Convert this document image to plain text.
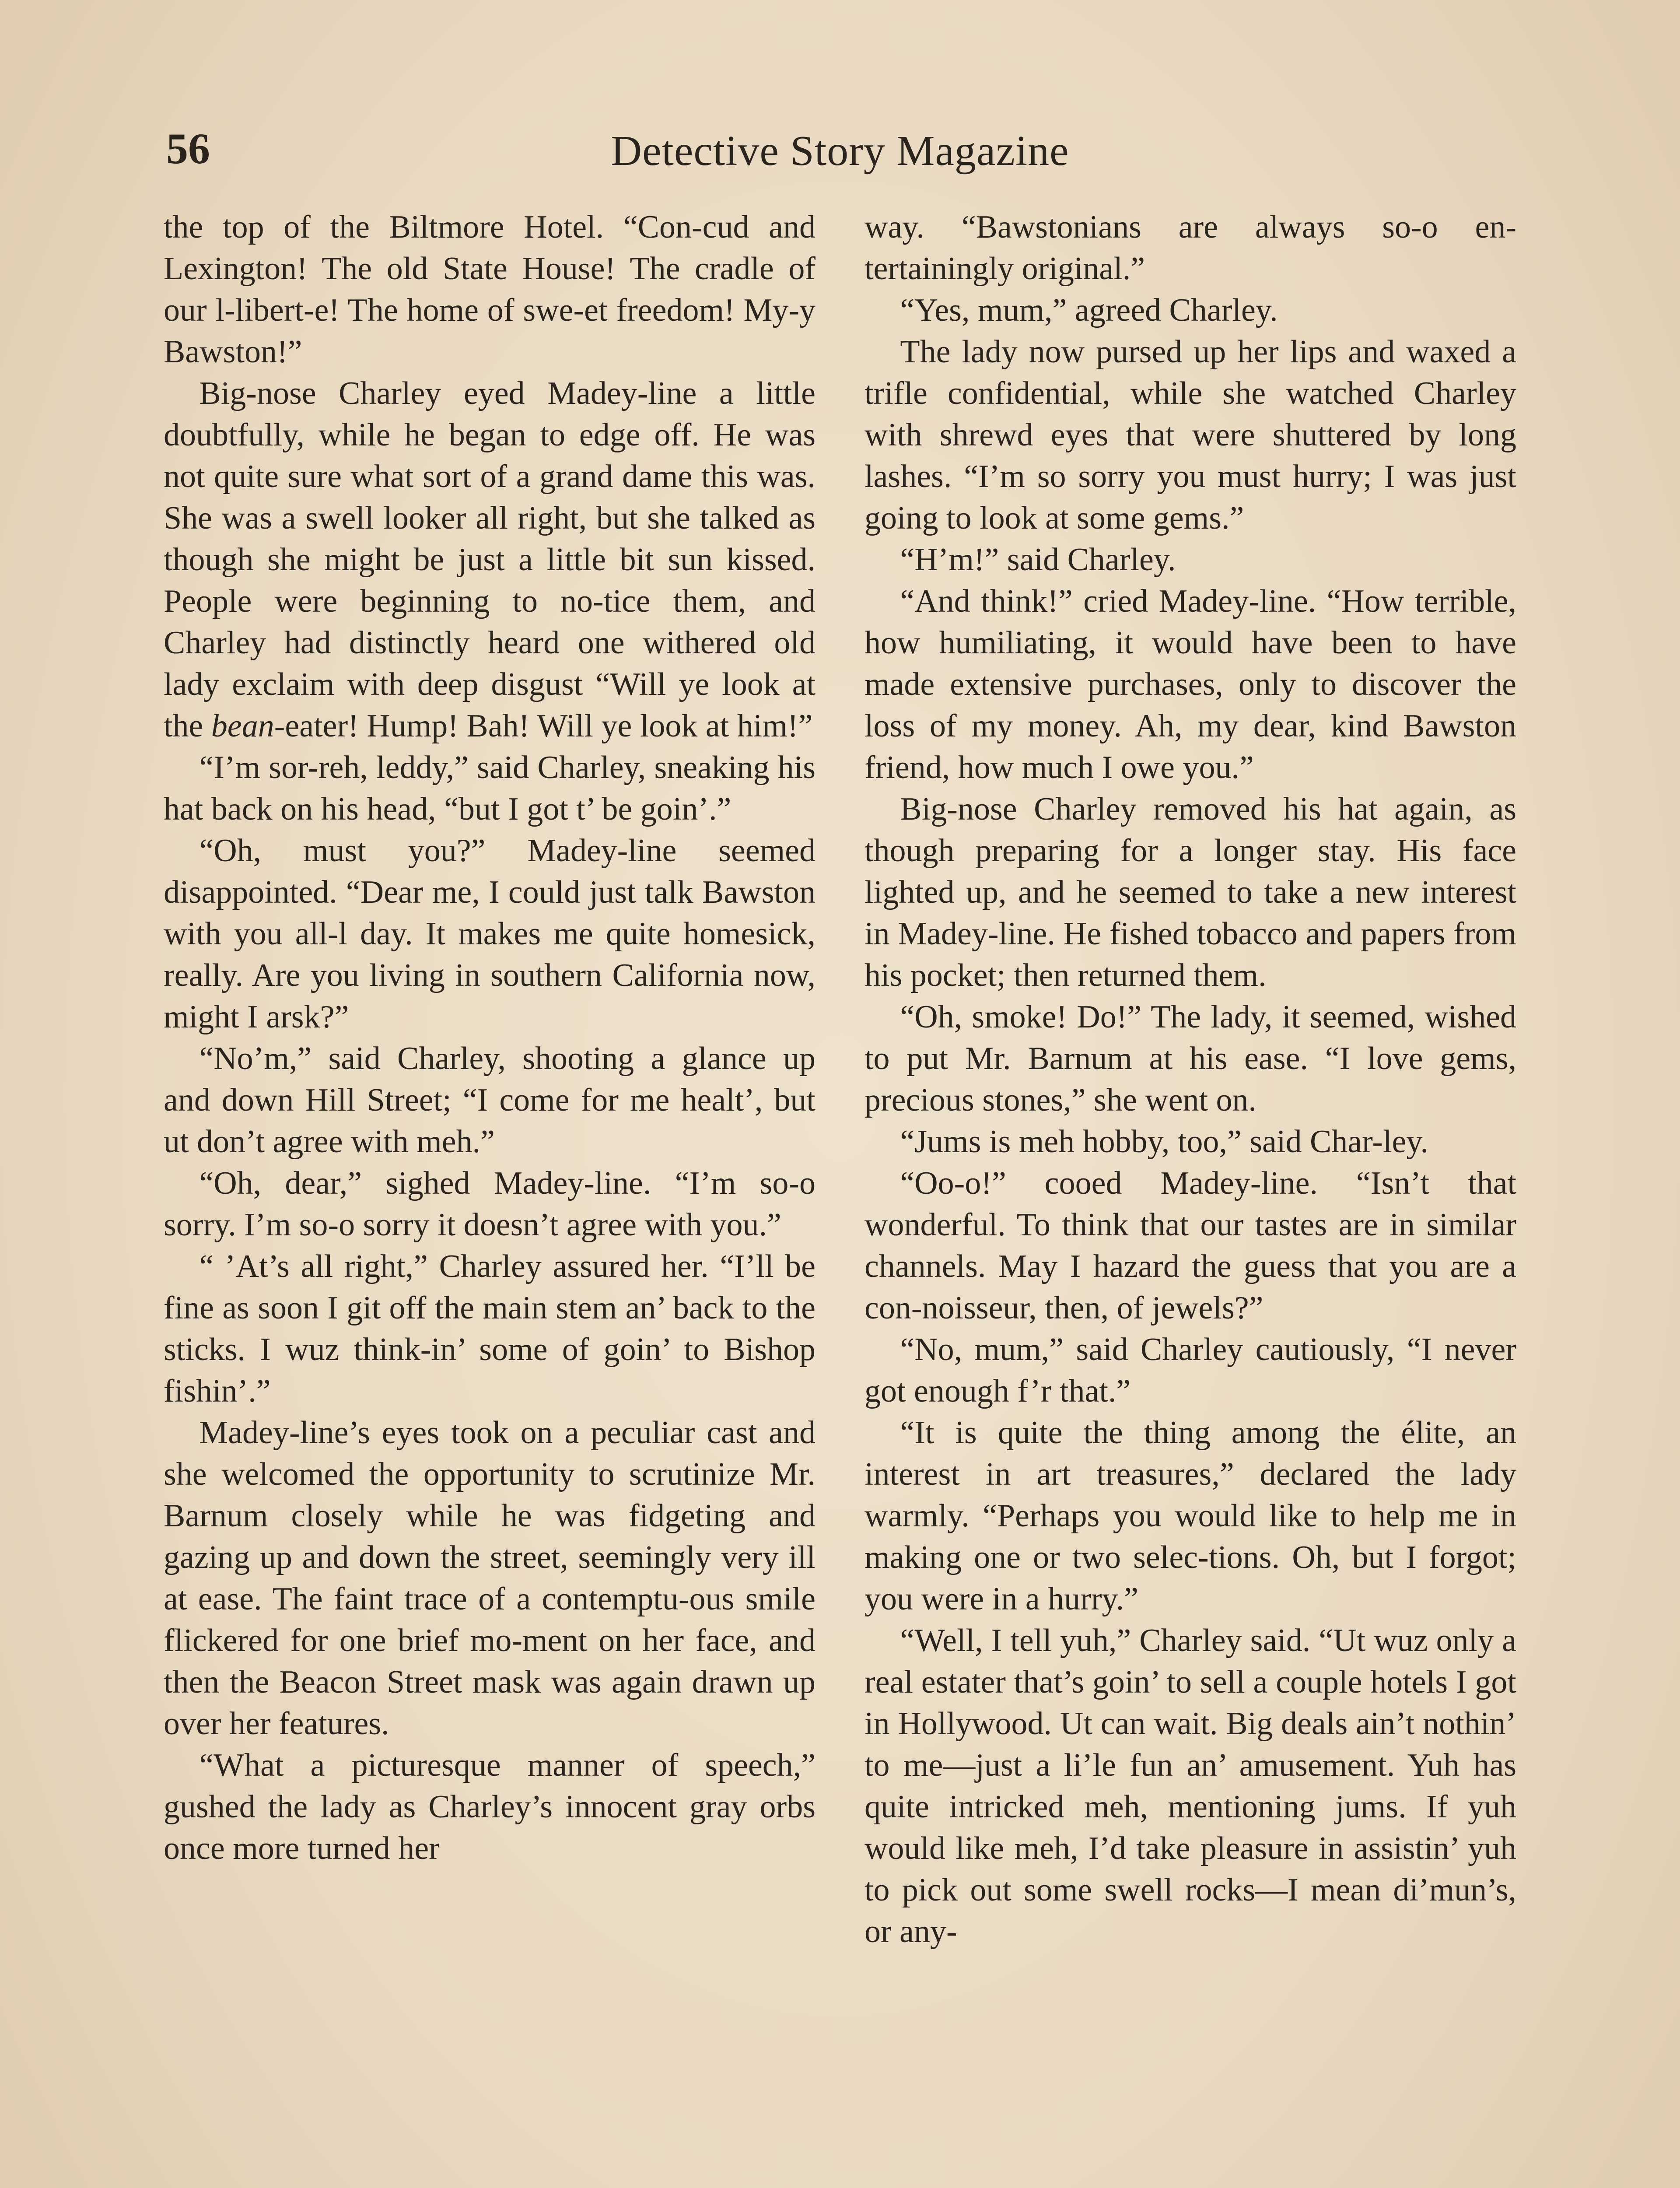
56	Detective Story Magazine

the top of the Biltmore Hotel. “Con-cud and Lexington! The old State House! The cradle of our l-libert-e! The home of swe-et freedom! My-y Bawston!”

Big-nose Charley eyed Madey-line a little doubtfully, while he began to edge off. He was not quite sure what sort of a grand dame this was. She was a swell looker all right, but she talked as though she might be just a little bit sun kissed. People were beginning to no-tice them, and Charley had distinctly heard one withered old lady exclaim with deep disgust “Will ye look at the bean-eater! Hump! Bah! Will ye look at him!”

“I’m sor-reh, leddy,” said Charley, sneaking his hat back on his head, “but I got t’ be goin’.”

“Oh, must you?” Madey-line seemed disappointed. “Dear me, I could just talk Bawston with you all-l day. It makes me quite homesick, really. Are you living in southern California now, might I arsk?”

“No’m,” said Charley, shooting a glance up and down Hill Street; “I come for me healt’, but ut don’t agree with meh.”

“Oh, dear,” sighed Madey-line. “I’m so-o sorry. I’m so-o sorry it doesn’t agree with you.”

“ ’At’s all right,” Charley assured her. “I’ll be fine as soon I git off the main stem an’ back to the sticks. I wuz think-in’ some of goin’ to Bishop fishin’.”

Madey-line’s eyes took on a peculiar cast and she welcomed the opportunity to scrutinize Mr. Barnum closely while he was fidgeting and gazing up and down the street, seemingly very ill at ease. The faint trace of a contemptu-ous smile flickered for one brief mo-ment on her face, and then the Beacon Street mask was again drawn up over her features.

“What a picturesque manner of speech,” gushed the lady as Charley’s innocent gray orbs once more turned her

way. “Bawstonians are always so-o en-tertainingly original.”

“Yes, mum,” agreed Charley.

The lady now pursed up her lips and waxed a trifle confidential, while she watched Charley with shrewd eyes that were shuttered by long lashes. “I’m so sorry you must hurry; I was just going to look at some gems.”

“H’m!” said Charley.

“And think!” cried Madey-line. “How terrible, how humiliating, it would have been to have made extensive purchases, only to discover the loss of my money. Ah, my dear, kind Bawston friend, how much I owe you.”

Big-nose Charley removed his hat again, as though preparing for a longer stay. His face lighted up, and he seemed to take a new interest in Madey-line. He fished tobacco and papers from his pocket; then returned them.

“Oh, smoke! Do!” The lady, it seemed, wished to put Mr. Barnum at his ease. “I love gems, precious stones,” she went on.

“Jums is meh hobby, too,” said Char-ley.

“Oo-o!” cooed Madey-line. “Isn’t that wonderful. To think that our tastes are in similar channels. May I hazard the guess that you are a con-noisseur, then, of jewels?”

“No, mum,” said Charley cautiously, “I never got enough f’r that.”

“It is quite the thing among the élite, an interest in art treasures,” declared the lady warmly. “Perhaps you would like to help me in making one or two selec-tions. Oh, but I forgot; you were in a hurry.”

“Well, I tell yuh,” Charley said. “Ut wuz only a real estater that’s goin’ to sell a couple hotels I got in Hollywood. Ut can wait. Big deals ain’t nothin’ to me—just a li’le fun an’ amusement. Yuh has quite intricked meh, mentioning jums. If yuh would like meh, I’d take pleasure in assistin’ yuh to pick out some swell rocks—I mean di’mun’s, or any-
